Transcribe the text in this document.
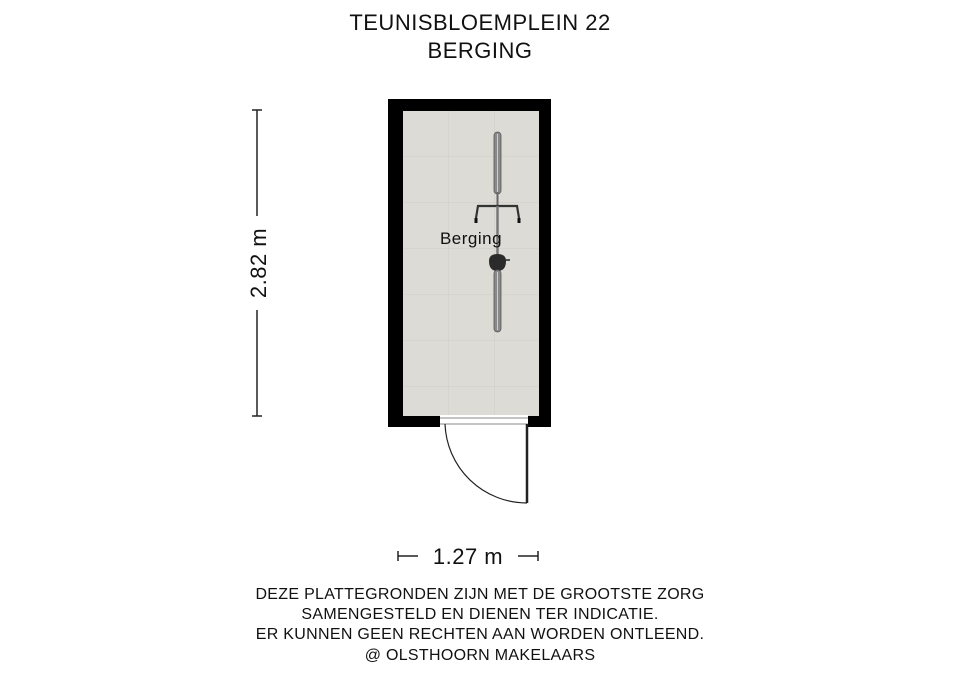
TEUNISBLOEMPLEIN 22
BERGING
Berging
2.82 m
1.27 m
DEZE PLATTEGRONDEN ZIJN MET DE GROOTSTE ZORG
SAMENGESTELD EN DIENEN TER INDICATIE.
ER KUNNEN GEEN RECHTEN AAN WORDEN ONTLEEND.
@ OLSTHOORN MAKELAARS
